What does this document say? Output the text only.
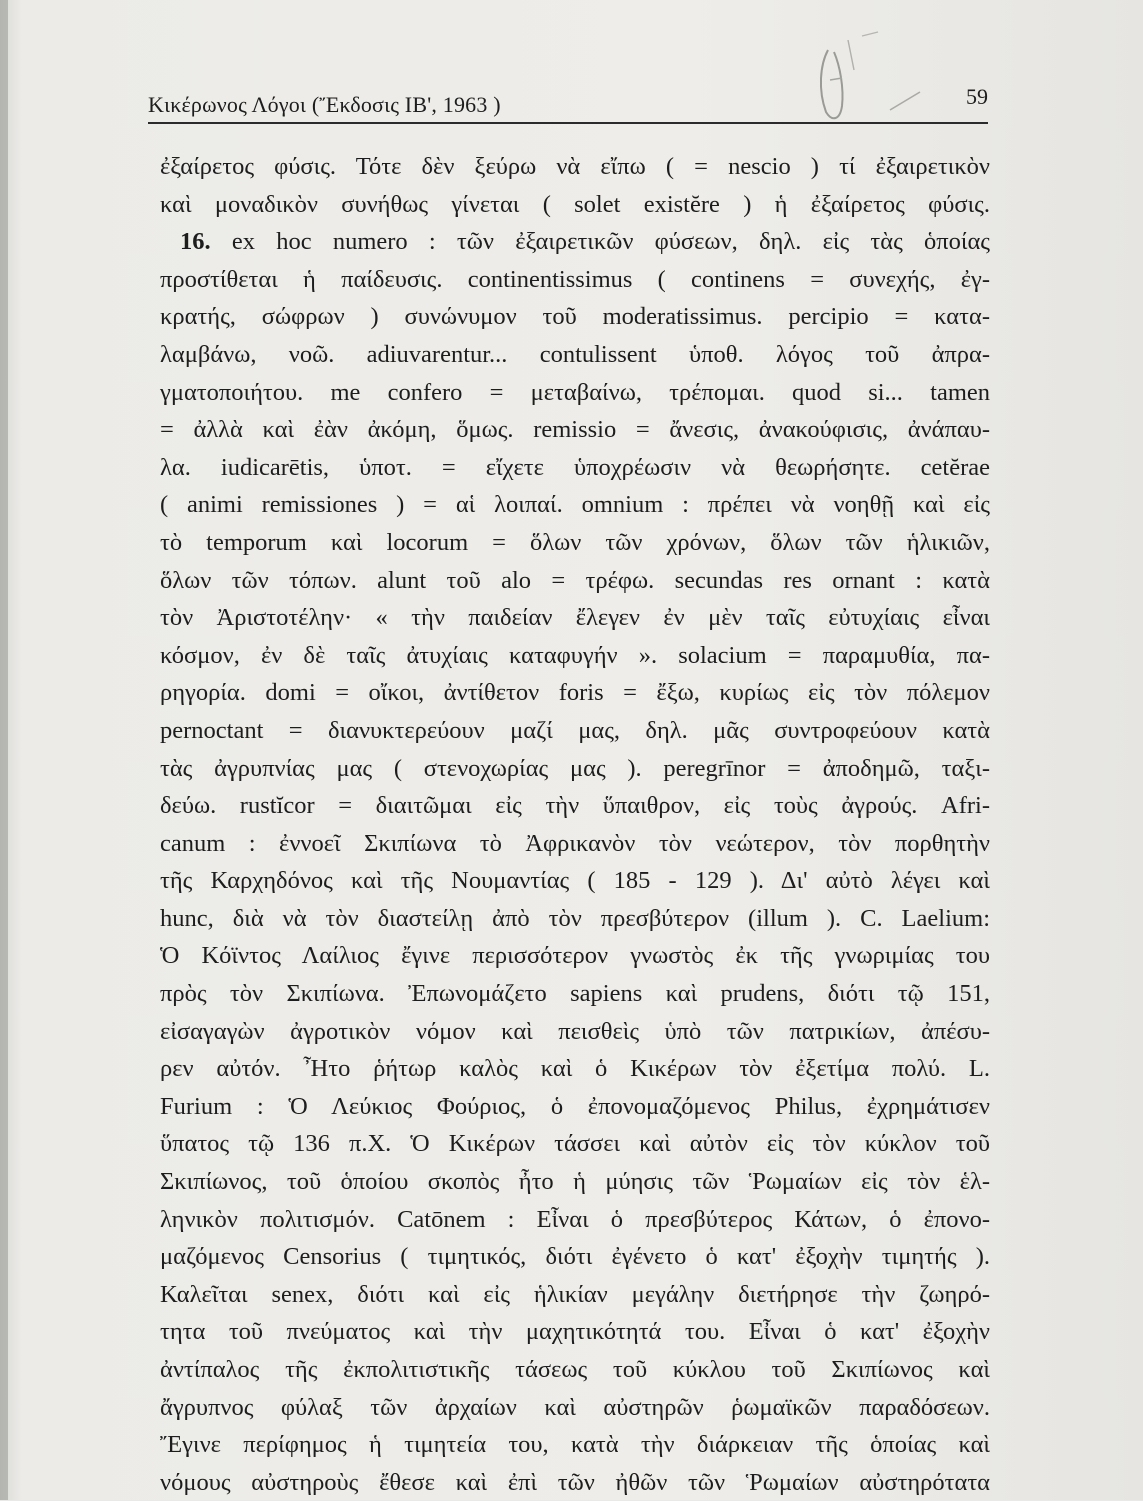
Κικέρωνος Λόγοι (Ἔκδοσις ΙΒ', 1963 )	59
ἐξαίρετος φύσις. Τότε δὲν ξεύρω νὰ εἴπω ( = nescio ) τί ἐξαιρετικὸν
καὶ μοναδικὸν συνήθως γίνεται ( solet existĕre ) ἡ ἐξαίρετος φύσις.
16. ex hoc numero : τῶν ἐξαιρετικῶν φύσεων, δηλ. εἰς τὰς ὁποίας
προστίθεται ἡ παίδευσις. continentissimus ( continens = συνεχής, ἐγ-
κρατής, σώφρων ) συνώνυμον τοῦ moderatissimus. percipio = κατα-
λαμβάνω, νοῶ. adiuvarentur... contulissent ὑποθ. λόγος τοῦ ἀπρα-
γματοποιήτου. me confero = μεταβαίνω, τρέπομαι. quod si... tamen
= ἀλλὰ καὶ ἐὰν ἀκόμη, ὅμως. remissio = ἄνεσις, ἀνακούφισις, ἀνάπαυ-
λα. iudicarētis, ὑποτ. = εἴχετε ὑποχρέωσιν νὰ θεωρήσητε. cetĕrae
( animi remissiones ) = αἱ λοιπαί. omnium : πρέπει νὰ νοηθῇ καὶ εἰς
τὸ temporum καὶ locorum = ὅλων τῶν χρόνων, ὅλων τῶν ἡλικιῶν,
ὅλων τῶν τόπων. alunt τοῦ alo = τρέφω. secundas res ornant : κατὰ
τὸν Ἀριστοτέλην· « τὴν παιδείαν ἔλεγεν ἐν μὲν ταῖς εὐτυχίαις εἶναι
κόσμον, ἐν δὲ ταῖς ἀτυχίαις καταφυγήν ». solacium = παραμυθία, πα-
ρηγορία. domi = οἴκοι, ἀντίθετον foris = ἔξω, κυρίως εἰς τὸν πόλεμον
pernoctant = διανυκτερεύουν μαζί μας, δηλ. μᾶς συντροφεύουν κατὰ
τὰς ἀγρυπνίας μας ( στενοχωρίας μας ). peregrīnor = ἀποδημῶ, ταξι-
δεύω. rustĭcor = διαιτῶμαι εἰς τὴν ὕπαιθρον, εἰς τοὺς ἀγρούς. Afri-
canum : ἐννοεῖ Σκιπίωνα τὸ Ἀφρικανὸν τὸν νεώτερον, τὸν πορθητὴν
τῆς Καρχηδόνος καὶ τῆς Νουμαντίας ( 185 - 129 ). Δι' αὐτὸ λέγει καὶ
hunc, διὰ νὰ τὸν διαστείλῃ ἀπὸ τὸν πρεσβύτερον (illum ). C. Laelium:
Ὁ Κόϊντος Λαίλιος ἔγινε περισσότερον γνωστὸς ἐκ τῆς γνωριμίας του
πρὸς τὸν Σκιπίωνα. Ἐπωνομάζετο sapiens καὶ prudens, διότι τῷ 151,
εἰσαγαγὼν ἀγροτικὸν νόμον καὶ πεισθεὶς ὑπὸ τῶν πατρικίων, ἀπέσυ-
ρεν αὐτόν. Ἦτο ῥήτωρ καλὸς καὶ ὁ Κικέρων τὸν ἐξετίμα πολύ. L.
Furium : Ὁ Λεύκιος Φούριος, ὁ ἐπονομαζόμενος Philus, ἐχρημάτισεν
ὕπατος τῷ 136 π.Χ. Ὁ Κικέρων τάσσει καὶ αὐτὸν εἰς τὸν κύκλον τοῦ
Σκιπίωνος, τοῦ ὁποίου σκοπὸς ἦτο ἡ μύησις τῶν Ῥωμαίων εἰς τὸν ἑλ-
ληνικὸν πολιτισμόν. Catōnem : Εἶναι ὁ πρεσβύτερος Κάτων, ὁ ἐπονο-
μαζόμενος Censorius ( τιμητικός, διότι ἐγένετο ὁ κατ' ἐξοχὴν τιμητής ).
Καλεῖται senex, διότι καὶ εἰς ἡλικίαν μεγάλην διετήρησε τὴν ζωηρό-
τητα τοῦ πνεύματος καὶ τὴν μαχητικότητά του. Εἶναι ὁ κατ' ἐξοχὴν
ἀντίπαλος τῆς ἐκπολιτιστικῆς τάσεως τοῦ κύκλου τοῦ Σκιπίωνος καὶ
ἄγρυπνος φύλαξ τῶν ἀρχαίων καὶ αὐστηρῶν ῥωμαϊκῶν παραδόσεων.
Ἔγινε περίφημος ἡ τιμητεία του, κατὰ τὴν διάρκειαν τῆς ὁποίας καὶ
νόμους αὐστηροὺς ἔθεσε καὶ ἐπὶ τῶν ἠθῶν τῶν Ῥωμαίων αὐστηρότατα
